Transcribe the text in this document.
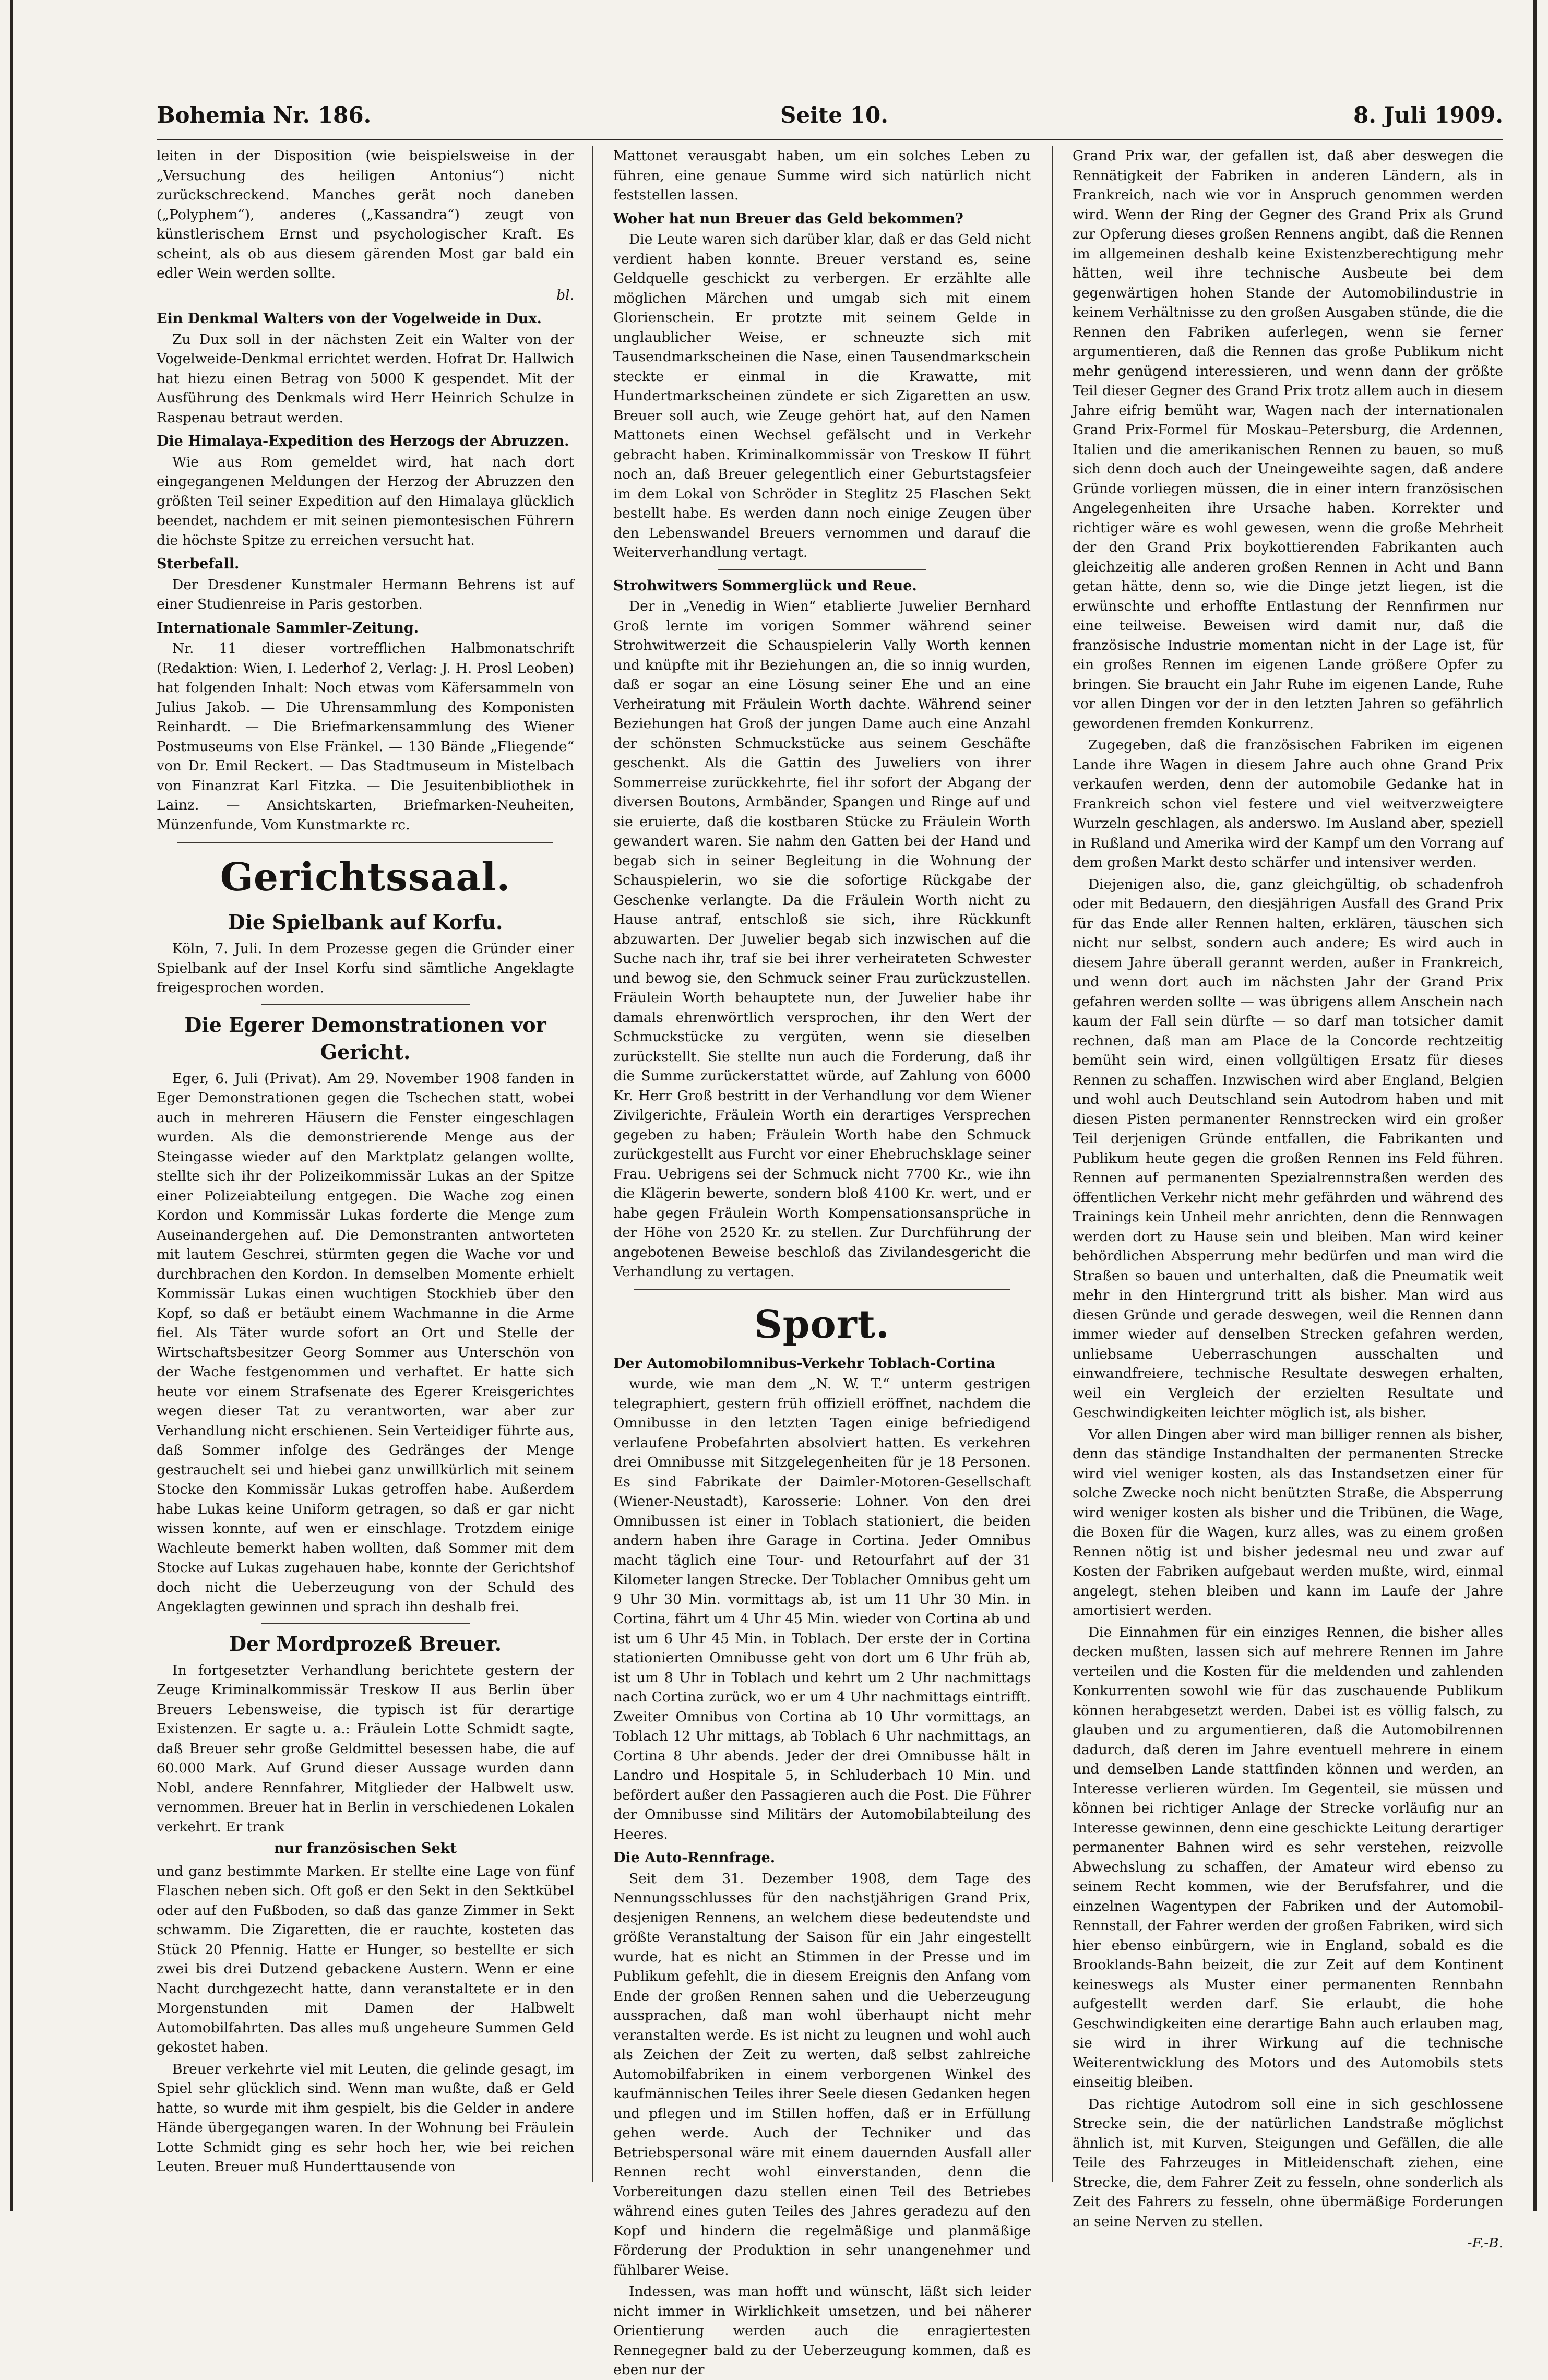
Bohemia Nr. 186.	Seite 10.	8. Juli 1909.

leiten in der Disposition (wie beispielsweise in der „Versuchung des heiligen Antonius“) nicht zurückschreckend. Manches gerät noch daneben („Polyphem“), anderes („Kassandra“) zeugt von künstlerischem Ernst und psychologischer Kraft. Es scheint, als ob aus diesem gärenden Most gar bald ein edler Wein werden sollte.

bl.
Ein Denkmal Walters von der Vogelweide in Dux.

Zu Dux soll in der nächsten Zeit ein Walter von der Vogelweide-Denkmal errichtet werden. Hofrat Dr. Hallwich hat hiezu einen Betrag von 5000 K gespendet. Mit der Ausführung des Denkmals wird Herr Heinrich Schulze in Raspenau betraut werden.

Die Himalaya-Expedition des Herzogs der Abruzzen.

Wie aus Rom gemeldet wird, hat nach dort eingegangenen Meldungen der Herzog der Abruzzen den größten Teil seiner Expedition auf den Himalaya glücklich beendet, nachdem er mit seinen piemontesischen Führern die höchste Spitze zu erreichen versucht hat.

Sterbefall.

Der Dresdener Kunstmaler Hermann Behrens ist auf einer Studienreise in Paris gestorben.

Internationale Sammler-Zeitung.

Nr. 11 dieser vortrefflichen Halbmonatschrift (Redaktion: Wien, I. Lederhof 2, Verlag: J. H. Prosl Leoben) hat folgenden Inhalt: Noch etwas vom Käfersammeln von Julius Jakob. — Die Uhrensammlung des Komponisten Reinhardt. — Die Briefmarkensammlung des Wiener Postmuseums von Else Fränkel. — 130 Bände „Fliegende“ von Dr. Emil Reckert. — Das Stadtmuseum in Mistelbach von Finanzrat Karl Fitzka. — Die Jesuitenbibliothek in Lainz. — Ansichtskarten, Briefmarken-Neuheiten, Münzenfunde, Vom Kunstmarkte rc.

Gerichtssaal.
Die Spielbank auf Korfu.

Köln, 7. Juli. In dem Prozesse gegen die Gründer einer Spielbank auf der Insel Korfu sind sämtliche Angeklagte freigesprochen worden.

Die Egerer Demonstrationen vor Gericht.

Eger, 6. Juli (Privat). Am 29. November 1908 fanden in Eger Demonstrationen gegen die Tschechen statt, wobei auch in mehreren Häusern die Fenster eingeschlagen wurden. Als die demonstrierende Menge aus der Steingasse wieder auf den Marktplatz gelangen wollte, stellte sich ihr der Polizeikommissär Lukas an der Spitze einer Polizeiabteilung entgegen. Die Wache zog einen Kordon und Kommissär Lukas forderte die Menge zum Auseinandergehen auf. Die Demonstranten antworteten mit lautem Geschrei, stürmten gegen die Wache vor und durchbrachen den Kordon. In demselben Momente erhielt Kommissär Lukas einen wuchtigen Stockhieb über den Kopf, so daß er betäubt einem Wachmanne in die Arme fiel. Als Täter wurde sofort an Ort und Stelle der Wirtschaftsbesitzer Georg Sommer aus Unterschön von der Wache festgenommen und verhaftet. Er hatte sich heute vor einem Strafsenate des Egerer Kreisgerichtes wegen dieser Tat zu verantworten, war aber zur Verhandlung nicht erschienen. Sein Verteidiger führte aus, daß Sommer infolge des Gedränges der Menge gestrauchelt sei und hiebei ganz unwillkürlich mit seinem Stocke den Kommissär Lukas getroffen habe. Außerdem habe Lukas keine Uniform getragen, so daß er gar nicht wissen konnte, auf wen er einschlage. Trotzdem einige Wachleute bemerkt haben wollten, daß Sommer mit dem Stocke auf Lukas zugehauen habe, konnte der Gerichtshof doch nicht die Ueberzeugung von der Schuld des Angeklagten gewinnen und sprach ihn deshalb frei.

Der Mordprozeß Breuer.

In fortgesetzter Verhandlung berichtete gestern der Zeuge Kriminalkommissär Treskow II aus Berlin über Breuers Lebensweise, die typisch ist für derartige Existenzen. Er sagte u. a.: Fräulein Lotte Schmidt sagte, daß Breuer sehr große Geldmittel besessen habe, die auf 60.000 Mark. Auf Grund dieser Aussage wurden dann Nobl, andere Rennfahrer, Mitglieder der Halbwelt usw. vernommen. Breuer hat in Berlin in verschiedenen Lokalen verkehrt. Er trank

nur französischen Sekt

und ganz bestimmte Marken. Er stellte eine Lage von fünf Flaschen neben sich. Oft goß er den Sekt in den Sektkübel oder auf den Fußboden, so daß das ganze Zimmer in Sekt schwamm. Die Zigaretten, die er rauchte, kosteten das Stück 20 Pfennig. Hatte er Hunger, so bestellte er sich zwei bis drei Dutzend gebackene Austern. Wenn er eine Nacht durchgezecht hatte, dann veranstaltete er in den Morgenstunden mit Damen der Halbwelt Automobilfahrten. Das alles muß ungeheure Summen Geld gekostet haben.

Breuer verkehrte viel mit Leuten, die gelinde gesagt, im Spiel sehr glücklich sind. Wenn man wußte, daß er Geld hatte, so wurde mit ihm gespielt, bis die Gelder in andere Hände übergegangen waren. In der Wohnung bei Fräulein Lotte Schmidt ging es sehr hoch her, wie bei reichen Leuten. Breuer muß Hunderttausende von

Mattonet verausgabt haben, um ein solches Leben zu führen, eine genaue Summe wird sich natürlich nicht feststellen lassen.

Woher hat nun Breuer das Geld bekommen?

Die Leute waren sich darüber klar, daß er das Geld nicht verdient haben konnte. Breuer verstand es, seine Geldquelle geschickt zu verbergen. Er erzählte alle möglichen Märchen und umgab sich mit einem Glorienschein. Er protzte mit seinem Gelde in unglaublicher Weise, er schneuzte sich mit Tausendmarkscheinen die Nase, einen Tausendmarkschein steckte er einmal in die Krawatte, mit Hundertmarkscheinen zündete er sich Zigaretten an usw. Breuer soll auch, wie Zeuge gehört hat, auf den Namen Mattonets einen Wechsel gefälscht und in Verkehr gebracht haben. Kriminalkommissär von Treskow II führt noch an, daß Breuer gelegentlich einer Geburtstagsfeier im dem Lokal von Schröder in Steglitz 25 Flaschen Sekt bestellt habe. Es werden dann noch einige Zeugen über den Lebenswandel Breuers vernommen und darauf die Weiterverhandlung vertagt.

Strohwitwers Sommerglück und Reue.

Der in „Venedig in Wien“ etablierte Juwelier Bernhard Groß lernte im vorigen Sommer während seiner Strohwitwerzeit die Schauspielerin Vally Worth kennen und knüpfte mit ihr Beziehungen an, die so innig wurden, daß er sogar an eine Lösung seiner Ehe und an eine Verheiratung mit Fräulein Worth dachte. Während seiner Beziehungen hat Groß der jungen Dame auch eine Anzahl der schönsten Schmuckstücke aus seinem Geschäfte geschenkt. Als die Gattin des Juweliers von ihrer Sommerreise zurückkehrte, fiel ihr sofort der Abgang der diversen Boutons, Armbänder, Spangen und Ringe auf und sie eruierte, daß die kostbaren Stücke zu Fräulein Worth gewandert waren. Sie nahm den Gatten bei der Hand und begab sich in seiner Begleitung in die Wohnung der Schauspielerin, wo sie die sofortige Rückgabe der Geschenke verlangte. Da die Fräulein Worth nicht zu Hause antraf, entschloß sie sich, ihre Rückkunft abzuwarten. Der Juwelier begab sich inzwischen auf die Suche nach ihr, traf sie bei ihrer verheirateten Schwester und bewog sie, den Schmuck seiner Frau zurückzustellen. Fräulein Worth behauptete nun, der Juwelier habe ihr damals ehrenwörtlich versprochen, ihr den Wert der Schmuckstücke zu vergüten, wenn sie dieselben zurückstellt. Sie stellte nun auch die Forderung, daß ihr die Summe zurückerstattet würde, auf Zahlung von 6000 Kr. Herr Groß bestritt in der Verhandlung vor dem Wiener Zivilgerichte, Fräulein Worth ein derartiges Versprechen gegeben zu haben; Fräulein Worth habe den Schmuck zurückgestellt aus Furcht vor einer Ehebruchsklage seiner Frau. Uebrigens sei der Schmuck nicht 7700 Kr., wie ihn die Klägerin bewerte, sondern bloß 4100 Kr. wert, und er habe gegen Fräulein Worth Kompensationsansprüche in der Höhe von 2520 Kr. zu stellen. Zur Durchführung der angebotenen Beweise beschloß das Zivilandesgericht die Verhandlung zu vertagen.

Sport.
Der Automobilomnibus-Verkehr Toblach-Cortina

wurde, wie man dem „N. W. T.“ unterm gestrigen telegraphiert, gestern früh offiziell eröffnet, nachdem die Omnibusse in den letzten Tagen einige befriedigend verlaufene Probefahrten absolviert hatten. Es verkehren drei Omnibusse mit Sitzgelegenheiten für je 18 Personen. Es sind Fabrikate der Daimler-Motoren-Gesellschaft (Wiener-Neustadt), Karosserie: Lohner. Von den drei Omnibussen ist einer in Toblach stationiert, die beiden andern haben ihre Garage in Cortina. Jeder Omnibus macht täglich eine Tour- und Retourfahrt auf der 31 Kilometer langen Strecke. Der Toblacher Omnibus geht um 9 Uhr 30 Min. vormittags ab, ist um 11 Uhr 30 Min. in Cortina, fährt um 4 Uhr 45 Min. wieder von Cortina ab und ist um 6 Uhr 45 Min. in Toblach. Der erste der in Cortina stationierten Omnibusse geht von dort um 6 Uhr früh ab, ist um 8 Uhr in Toblach und kehrt um 2 Uhr nachmittags nach Cortina zurück, wo er um 4 Uhr nachmittags eintrifft. Zweiter Omnibus von Cortina ab 10 Uhr vormittags, an Toblach 12 Uhr mittags, ab Toblach 6 Uhr nachmittags, an Cortina 8 Uhr abends. Jeder der drei Omnibusse hält in Landro und Hospitale 5, in Schluderbach 10 Min. und befördert außer den Passagieren auch die Post. Die Führer der Omnibusse sind Militärs der Automobilabteilung des Heeres.

Die Auto-Rennfrage.

Seit dem 31. Dezember 1908, dem Tage des Nennungsschlusses für den nachstjährigen Grand Prix, desjenigen Rennens, an welchem diese bedeutendste und größte Veranstaltung der Saison für ein Jahr eingestellt wurde, hat es nicht an Stimmen in der Presse und im Publikum gefehlt, die in diesem Ereignis den Anfang vom Ende der großen Rennen sahen und die Ueberzeugung aussprachen, daß man wohl überhaupt nicht mehr veranstalten werde. Es ist nicht zu leugnen und wohl auch als Zeichen der Zeit zu werten, daß selbst zahlreiche Automobilfabriken in einem verborgenen Winkel des kaufmännischen Teiles ihrer Seele diesen Gedanken hegen und pflegen und im Stillen hoffen, daß er in Erfüllung gehen werde. Auch der Techniker und das Betriebspersonal wäre mit einem dauernden Ausfall aller Rennen recht wohl einverstanden, denn die Vorbereitungen dazu stellen einen Teil des Betriebes während eines guten Teiles des Jahres geradezu auf den Kopf und hindern die regelmäßige und planmäßige Förderung der Produktion in sehr unangenehmer und fühlbarer Weise.

Indessen, was man hofft und wünscht, läßt sich leider nicht immer in Wirklichkeit umsetzen, und bei näherer Orientierung werden auch die enragiertesten Rennegegner bald zu der Ueberzeugung kommen, daß es eben nur der

Grand Prix war, der gefallen ist, daß aber deswegen die Rennätigkeit der Fabriken in anderen Ländern, als in Frankreich, nach wie vor in Anspruch genommen werden wird. Wenn der Ring der Gegner des Grand Prix als Grund zur Opferung dieses großen Rennens angibt, daß die Rennen im allgemeinen deshalb keine Existenzberechtigung mehr hätten, weil ihre technische Ausbeute bei dem gegenwärtigen hohen Stande der Automobilindustrie in keinem Verhältnisse zu den großen Ausgaben stünde, die die Rennen den Fabriken auferlegen, wenn sie ferner argumentieren, daß die Rennen das große Publikum nicht mehr genügend interessieren, und wenn dann der größte Teil dieser Gegner des Grand Prix trotz allem auch in diesem Jahre eifrig bemüht war, Wagen nach der internationalen Grand Prix-Formel für Moskau–Petersburg, die Ardennen, Italien und die amerikanischen Rennen zu bauen, so muß sich denn doch auch der Uneingeweihte sagen, daß andere Gründe vorliegen müssen, die in einer intern französischen Angelegenheiten ihre Ursache haben. Korrekter und richtiger wäre es wohl gewesen, wenn die große Mehrheit der den Grand Prix boykottierenden Fabrikanten auch gleichzeitig alle anderen großen Rennen in Acht und Bann getan hätte, denn so, wie die Dinge jetzt liegen, ist die erwünschte und erhoffte Entlastung der Rennfirmen nur eine teilweise. Beweisen wird damit nur, daß die französische Industrie momentan nicht in der Lage ist, für ein großes Rennen im eigenen Lande größere Opfer zu bringen. Sie braucht ein Jahr Ruhe im eigenen Lande, Ruhe vor allen Dingen vor der in den letzten Jahren so gefährlich gewordenen fremden Konkurrenz.

Zugegeben, daß die französischen Fabriken im eigenen Lande ihre Wagen in diesem Jahre auch ohne Grand Prix verkaufen werden, denn der automobile Gedanke hat in Frankreich schon viel festere und viel weitverzweigtere Wurzeln geschlagen, als anderswo. Im Ausland aber, speziell in Rußland und Amerika wird der Kampf um den Vorrang auf dem großen Markt desto schärfer und intensiver werden.

Diejenigen also, die, ganz gleichgültig, ob schadenfroh oder mit Bedauern, den diesjährigen Ausfall des Grand Prix für das Ende aller Rennen halten, erklären, täuschen sich nicht nur selbst, sondern auch andere; Es wird auch in diesem Jahre überall gerannt werden, außer in Frankreich, und wenn dort auch im nächsten Jahr der Grand Prix gefahren werden sollte — was übrigens allem Anschein nach kaum der Fall sein dürfte — so darf man totsicher damit rechnen, daß man am Place de la Concorde rechtzeitig bemüht sein wird, einen vollgültigen Ersatz für dieses Rennen zu schaffen. Inzwischen wird aber England, Belgien und wohl auch Deutschland sein Autodrom haben und mit diesen Pisten permanenter Rennstrecken wird ein großer Teil derjenigen Gründe entfallen, die Fabrikanten und Publikum heute gegen die großen Rennen ins Feld führen. Rennen auf permanenten Spezialrennstraßen werden des öffentlichen Verkehr nicht mehr gefährden und während des Trainings kein Unheil mehr anrichten, denn die Rennwagen werden dort zu Hause sein und bleiben. Man wird keiner behördlichen Absperrung mehr bedürfen und man wird die Straßen so bauen und unterhalten, daß die Pneumatik weit mehr in den Hintergrund tritt als bisher. Man wird aus diesen Gründe und gerade deswegen, weil die Rennen dann immer wieder auf denselben Strecken gefahren werden, unliebsame Ueberraschungen ausschalten und einwandfreiere, technische Resultate deswegen erhalten, weil ein Vergleich der erzielten Resultate und Geschwindigkeiten leichter möglich ist, als bisher.

Vor allen Dingen aber wird man billiger rennen als bisher, denn das ständige Instandhalten der permanenten Strecke wird viel weniger kosten, als das Instandsetzen einer für solche Zwecke noch nicht benützten Straße, die Absperrung wird weniger kosten als bisher und die Tribünen, die Wage, die Boxen für die Wagen, kurz alles, was zu einem großen Rennen nötig ist und bisher jedesmal neu und zwar auf Kosten der Fabriken aufgebaut werden mußte, wird, einmal angelegt, stehen bleiben und kann im Laufe der Jahre amortisiert werden.

Die Einnahmen für ein einziges Rennen, die bisher alles decken mußten, lassen sich auf mehrere Rennen im Jahre verteilen und die Kosten für die meldenden und zahlenden Konkurrenten sowohl wie für das zuschauende Publikum können herabgesetzt werden. Dabei ist es völlig falsch, zu glauben und zu argumentieren, daß die Automobilrennen dadurch, daß deren im Jahre eventuell mehrere in einem und demselben Lande stattfinden können und werden, an Interesse verlieren würden. Im Gegenteil, sie müssen und können bei richtiger Anlage der Strecke vorläufig nur an Interesse gewinnen, denn eine geschickte Leitung derartiger permanenter Bahnen wird es sehr verstehen, reizvolle Abwechslung zu schaffen, der Amateur wird ebenso zu seinem Recht kommen, wie der Berufsfahrer, und die einzelnen Wagentypen der Fabriken und der Automobil-Rennstall, der Fahrer werden der großen Fabriken, wird sich hier ebenso einbürgern, wie in England, sobald es die Brooklands-Bahn beizeit, die zur Zeit auf dem Kontinent keineswegs als Muster einer permanenten Rennbahn aufgestellt werden darf. Sie erlaubt, die hohe Geschwindigkeiten eine derartige Bahn auch erlauben mag, sie wird in ihrer Wirkung auf die technische Weiterentwicklung des Motors und des Automobils stets einseitig bleiben.

Das richtige Autodrom soll eine in sich geschlossene Strecke sein, die der natürlichen Landstraße möglichst ähnlich ist, mit Kurven, Steigungen und Gefällen, die alle Teile des Fahrzeuges in Mitleidenschaft ziehen, eine Strecke, die, dem Fahrer Zeit zu fesseln, ohne sonderlich als Zeit des Fahrers zu fesseln, ohne übermäßige Forderungen an seine Nerven zu stellen.

-F.-B.
